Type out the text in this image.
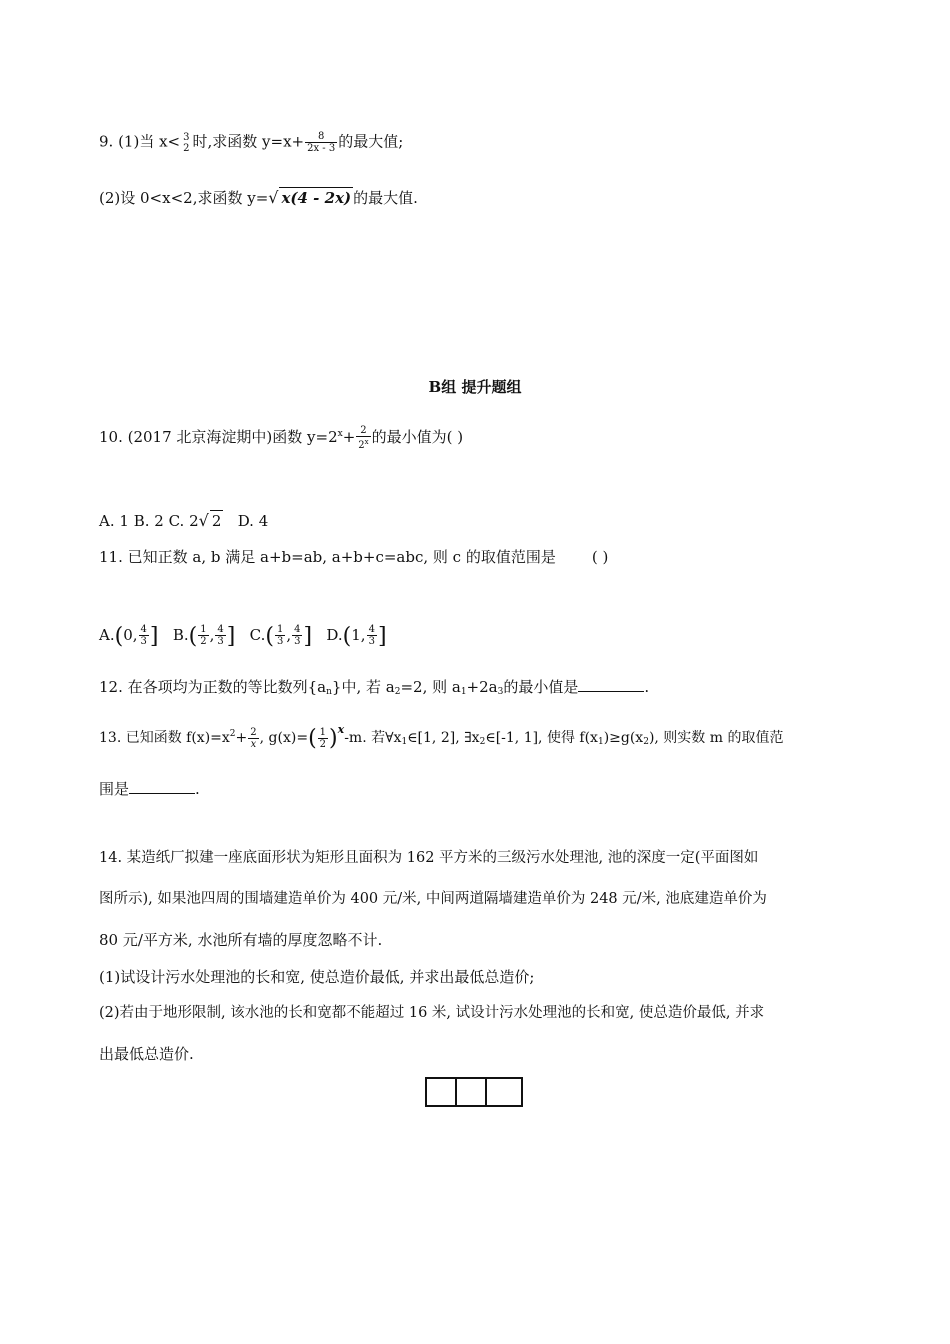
9. (1)当 x< 3
2 时,求函数 $y=x+ \frac{8}{2x - 3}$ 的最大值;
(2)设 0<x<2,求函数 y=√ x(4 - 2x) 的最大值.
B组 提升题组
10. (2017 北京海淀期中)函数 $y=2^x+ \frac{2}{2^x}$ 的最小值为( )
A. 1 B. 2 C. 2√ 2 D. 4
11. 已知正数 a, b 满足 a+b=ab, a+b+c=abc, 则 c 的取值范围是 ( )
A.(0, $\frac{4}{3}$ ] $B.( \frac{1}{2}$ , $\frac{4}{3}$ ] $C.( \frac{1}{3}$ , $\frac{4}{3}$ ] D.(1, $\frac{4}{3}$ ]
12. 在各项均为正数的等比数列$\{a_n\}$中, 若 $a_2=2$, 则 $a_1+2a_3$的最小值是	.
13. 已知函数 $f(x)=x^2+ \frac{2}{x}$ , $g(x)=( \frac{1}{2} )^x-m$. 若$\forall x_1\in[1$, 2], $\exists x_2\in[-1$, 1], 使得 $f(x_1)\ge g(x_2)$, 则实数 m 的取值范
围是	.
14. 某造纸厂拟建一座底面形状为矩形且面积为 162 平方米的三级污水处理池, 池的深度一定(平面图如
图所示), 如果池四周的围墙建造单价为 400 元/米, 中间两道隔墙建造单价为 248 元/米, 池底建造单价为
80 元/平方米, 水池所有墙的厚度忽略不计.
(1)试设计污水处理池的长和宽, 使总造价最低, 并求出最低总造价;
(2)若由于地形限制, 该水池的长和宽都不能超过 16 米, 试设计污水处理池的长和宽, 使总造价最低, 并求
出最低总造价.
